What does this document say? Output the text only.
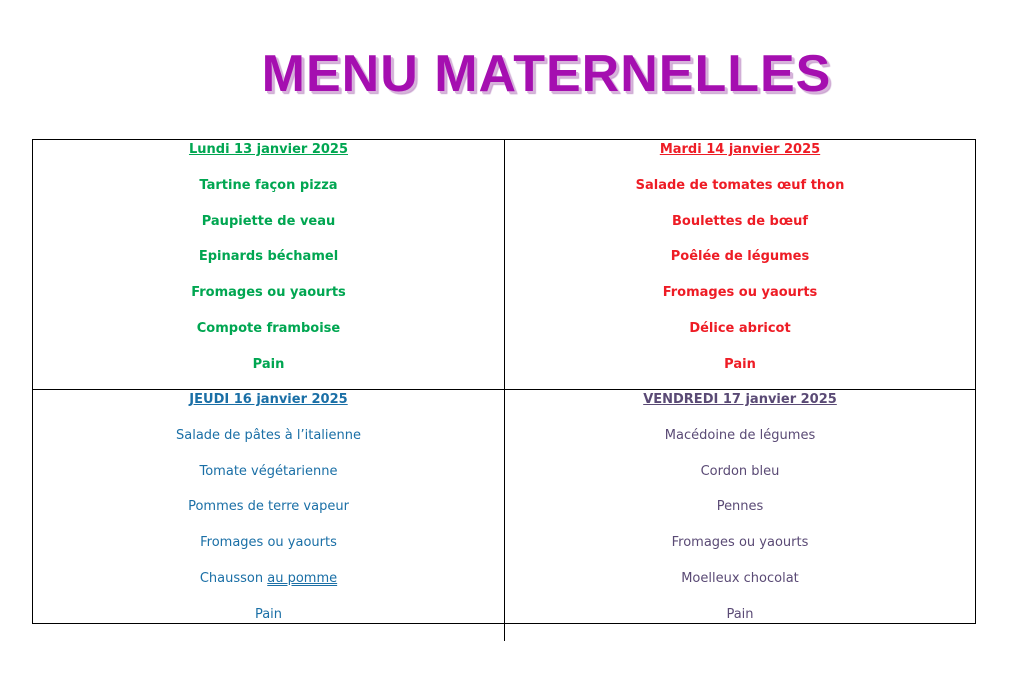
MENU MATERNELLES
Lundi 13 janvier 2025
Tartine façon pizza
Paupiette de veau
Epinards béchamel
Fromages ou yaourts
Compote framboise
Pain
Mardi 14 janvier 2025
Salade de tomates œuf thon
Boulettes de bœuf
Poêlée de légumes
Fromages ou yaourts
Délice abricot
Pain
JEUDI 16 janvier 2025
Salade de pâtes à l’italienne
Tomate végétarienne
Pommes de terre vapeur
Fromages ou yaourts
Chausson au pomme
Pain
VENDREDI 17 janvier 2025
Macédoine de légumes
Cordon bleu
Pennes
Fromages ou yaourts
Moelleux chocolat
Pain
